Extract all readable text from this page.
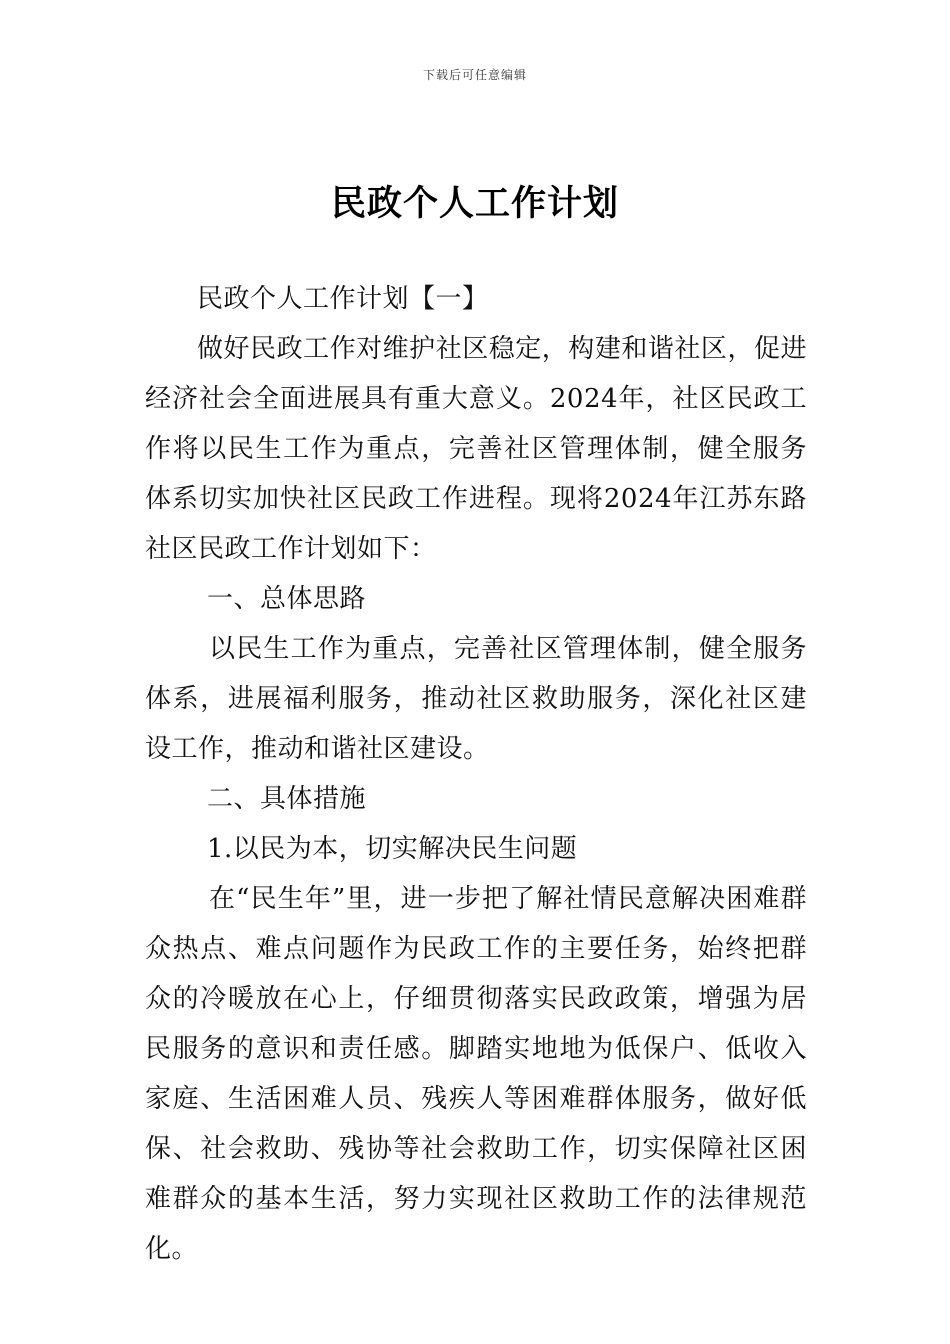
下载后可任意编辑
民政个人工作计划

民政个人工作计划【一】

做好民政工作对维护社区稳定，构建和谐社区，促进经济社会全面进展具有重大意义。2024年，社区民政工作将以民生工作为重点，完善社区管理体制，健全服务体系切实加快社区民政工作进程。现将2024年江苏东路社区民政工作计划如下：

一、总体思路

以民生工作为重点，完善社区管理体制，健全服务体系，进展福利服务，推动社区救助服务，深化社区建设工作，推动和谐社区建设。

二、具体措施

1.以民为本，切实解决民生问题

在“民生年”里，进一步把了解社情民意解决困难群众热点、难点问题作为民政工作的主要任务，始终把群众的冷暖放在心上，仔细贯彻落实民政政策，增强为居民服务的意识和责任感。脚踏实地地为低保户、低收入家庭、生活困难人员、残疾人等困难群体服务，做好低保、社会救助、残协等社会救助工作，切实保障社区困难群众的基本生活，努力实现社区救助工作的法律规范化。
